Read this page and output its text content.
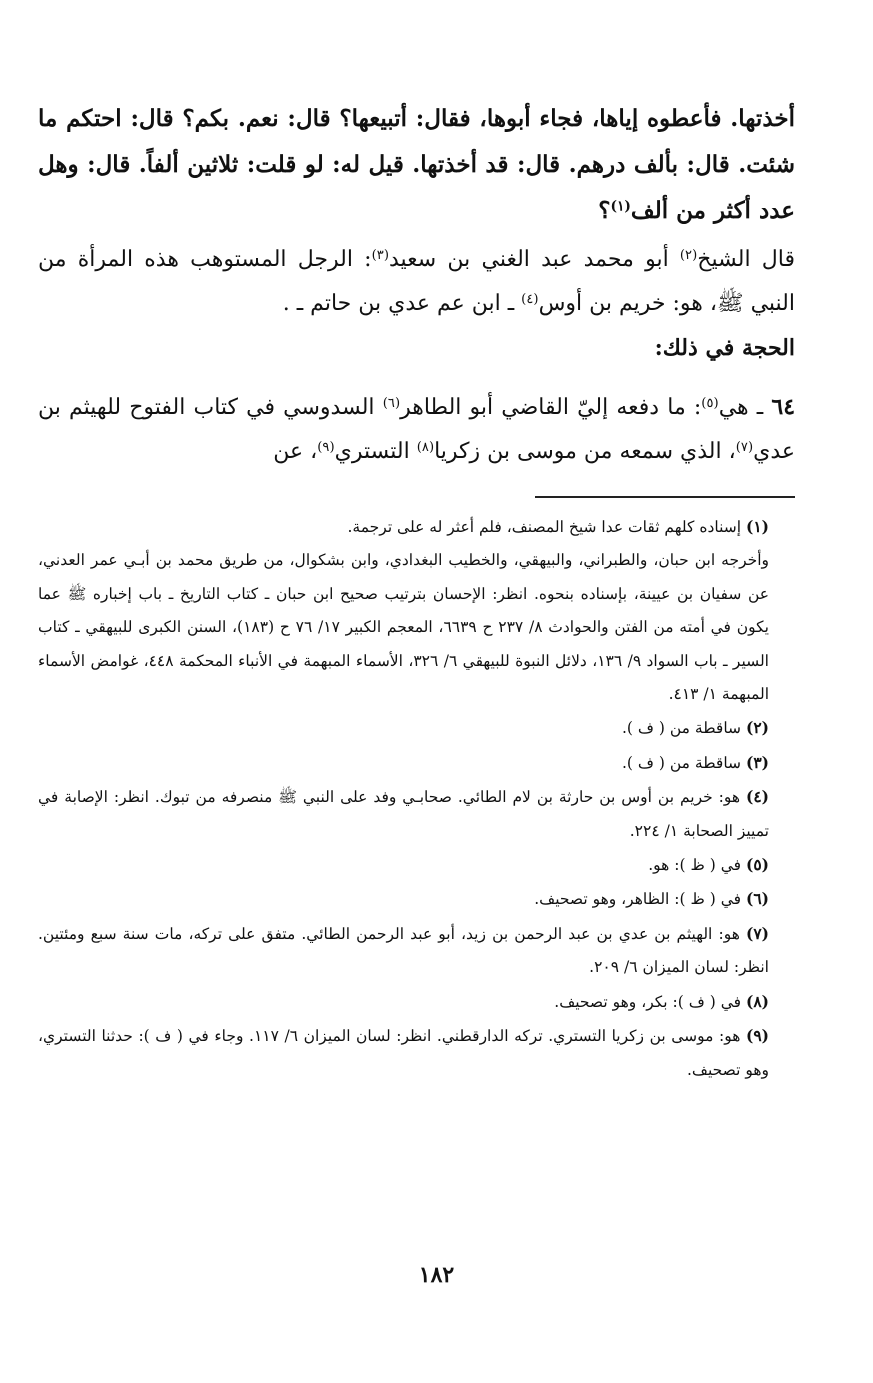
أخذتها. فأعطوه إياها، فجاء أبوها، فقال: أتبيعها؟ قال: نعم. بكم؟ قال: احتكم ما شئت. قال: بألف درهم. قال: قد أخذتها. قيل له: لو قلت: ثلاثين ألفاً. قال: وهل عدد أكثر من ألف$^{(١)}$؟

قال الشيخ$^{(٢)}$ أبو محمد عبد الغني بن سعيد$^{(٣)}$: الرجل المستوهب هذه المرأة من النبي ﷺ، هو: خريم بن أوس$^{(٤)}$ ـ ابن عم عدي بن حاتم ـ .
الحجة في ذلك:

٦٤ ـ هي$^{(٥)}$: ما دفعه إليّ القاضي أبو الطاهر$^{(٦)}$ السدوسي في كتاب الفتوح للهيثم بن عدي$^{(٧)}$، الذي سمعه من موسى بن زكريا$^{(٨)}$ التستري$^{(٩)}$، عن

(١) إسناده كلهم ثقات عدا شيخ المصنف، فلم أعثر له على ترجمة.

وأخرجه ابن حبان، والطبراني، والبيهقي، والخطيب البغدادي، وابن بشكوال، من طريق محمد بن أبـي عمر العدني، عن سفيان بن عيينة، بإسناده بنحوه. انظر: الإحسان بترتيب صحيح ابن حبان ـ كتاب التاريخ ـ باب إخباره ﷺ عما يكون في أمته من الفتن والحوادث ٨/ ٢٣٧ ح ٦٦٣٩، المعجم الكبير ١٧/ ٧٦ ح (١٨٣)، السنن الكبرى للبيهقي ـ كتاب السير ـ باب السواد ٩/ ١٣٦، دلائل النبوة للبيهقي ٦/ ٣٢٦، الأسماء المبهمة في الأنباء المحكمة ٤٤٨، غوامض الأسماء المبهمة ١/ ٤١٣.

(٢) ساقطة من ( ف ).

(٣) ساقطة من ( ف ).

(٤) هو: خريم بن أوس بن حارثة بن لام الطائي. صحابـي وفد على النبي ﷺ منصرفه من تبوك. انظر: الإصابة في تمييز الصحابة ١/ ٢٢٤.

(٥) في ( ظ ): هو.

(٦) في ( ظ ): الظاهر، وهو تصحيف.

(٧) هو: الهيثم بن عدي بن عبد الرحمن بن زيد، أبو عبد الرحمن الطائي. متفق على تركه، مات سنة سبع ومئتين. انظر: لسان الميزان ٦/ ٢٠٩.

(٨) في ( ف ): بكر، وهو تصحيف.

(٩) هو: موسى بن زكريا التستري. تركه الدارقطني. انظر: لسان الميزان ٦/ ١١٧. وجاء في ( ف ): حدثنا التستري، وهو تصحيف.

١٨٢
